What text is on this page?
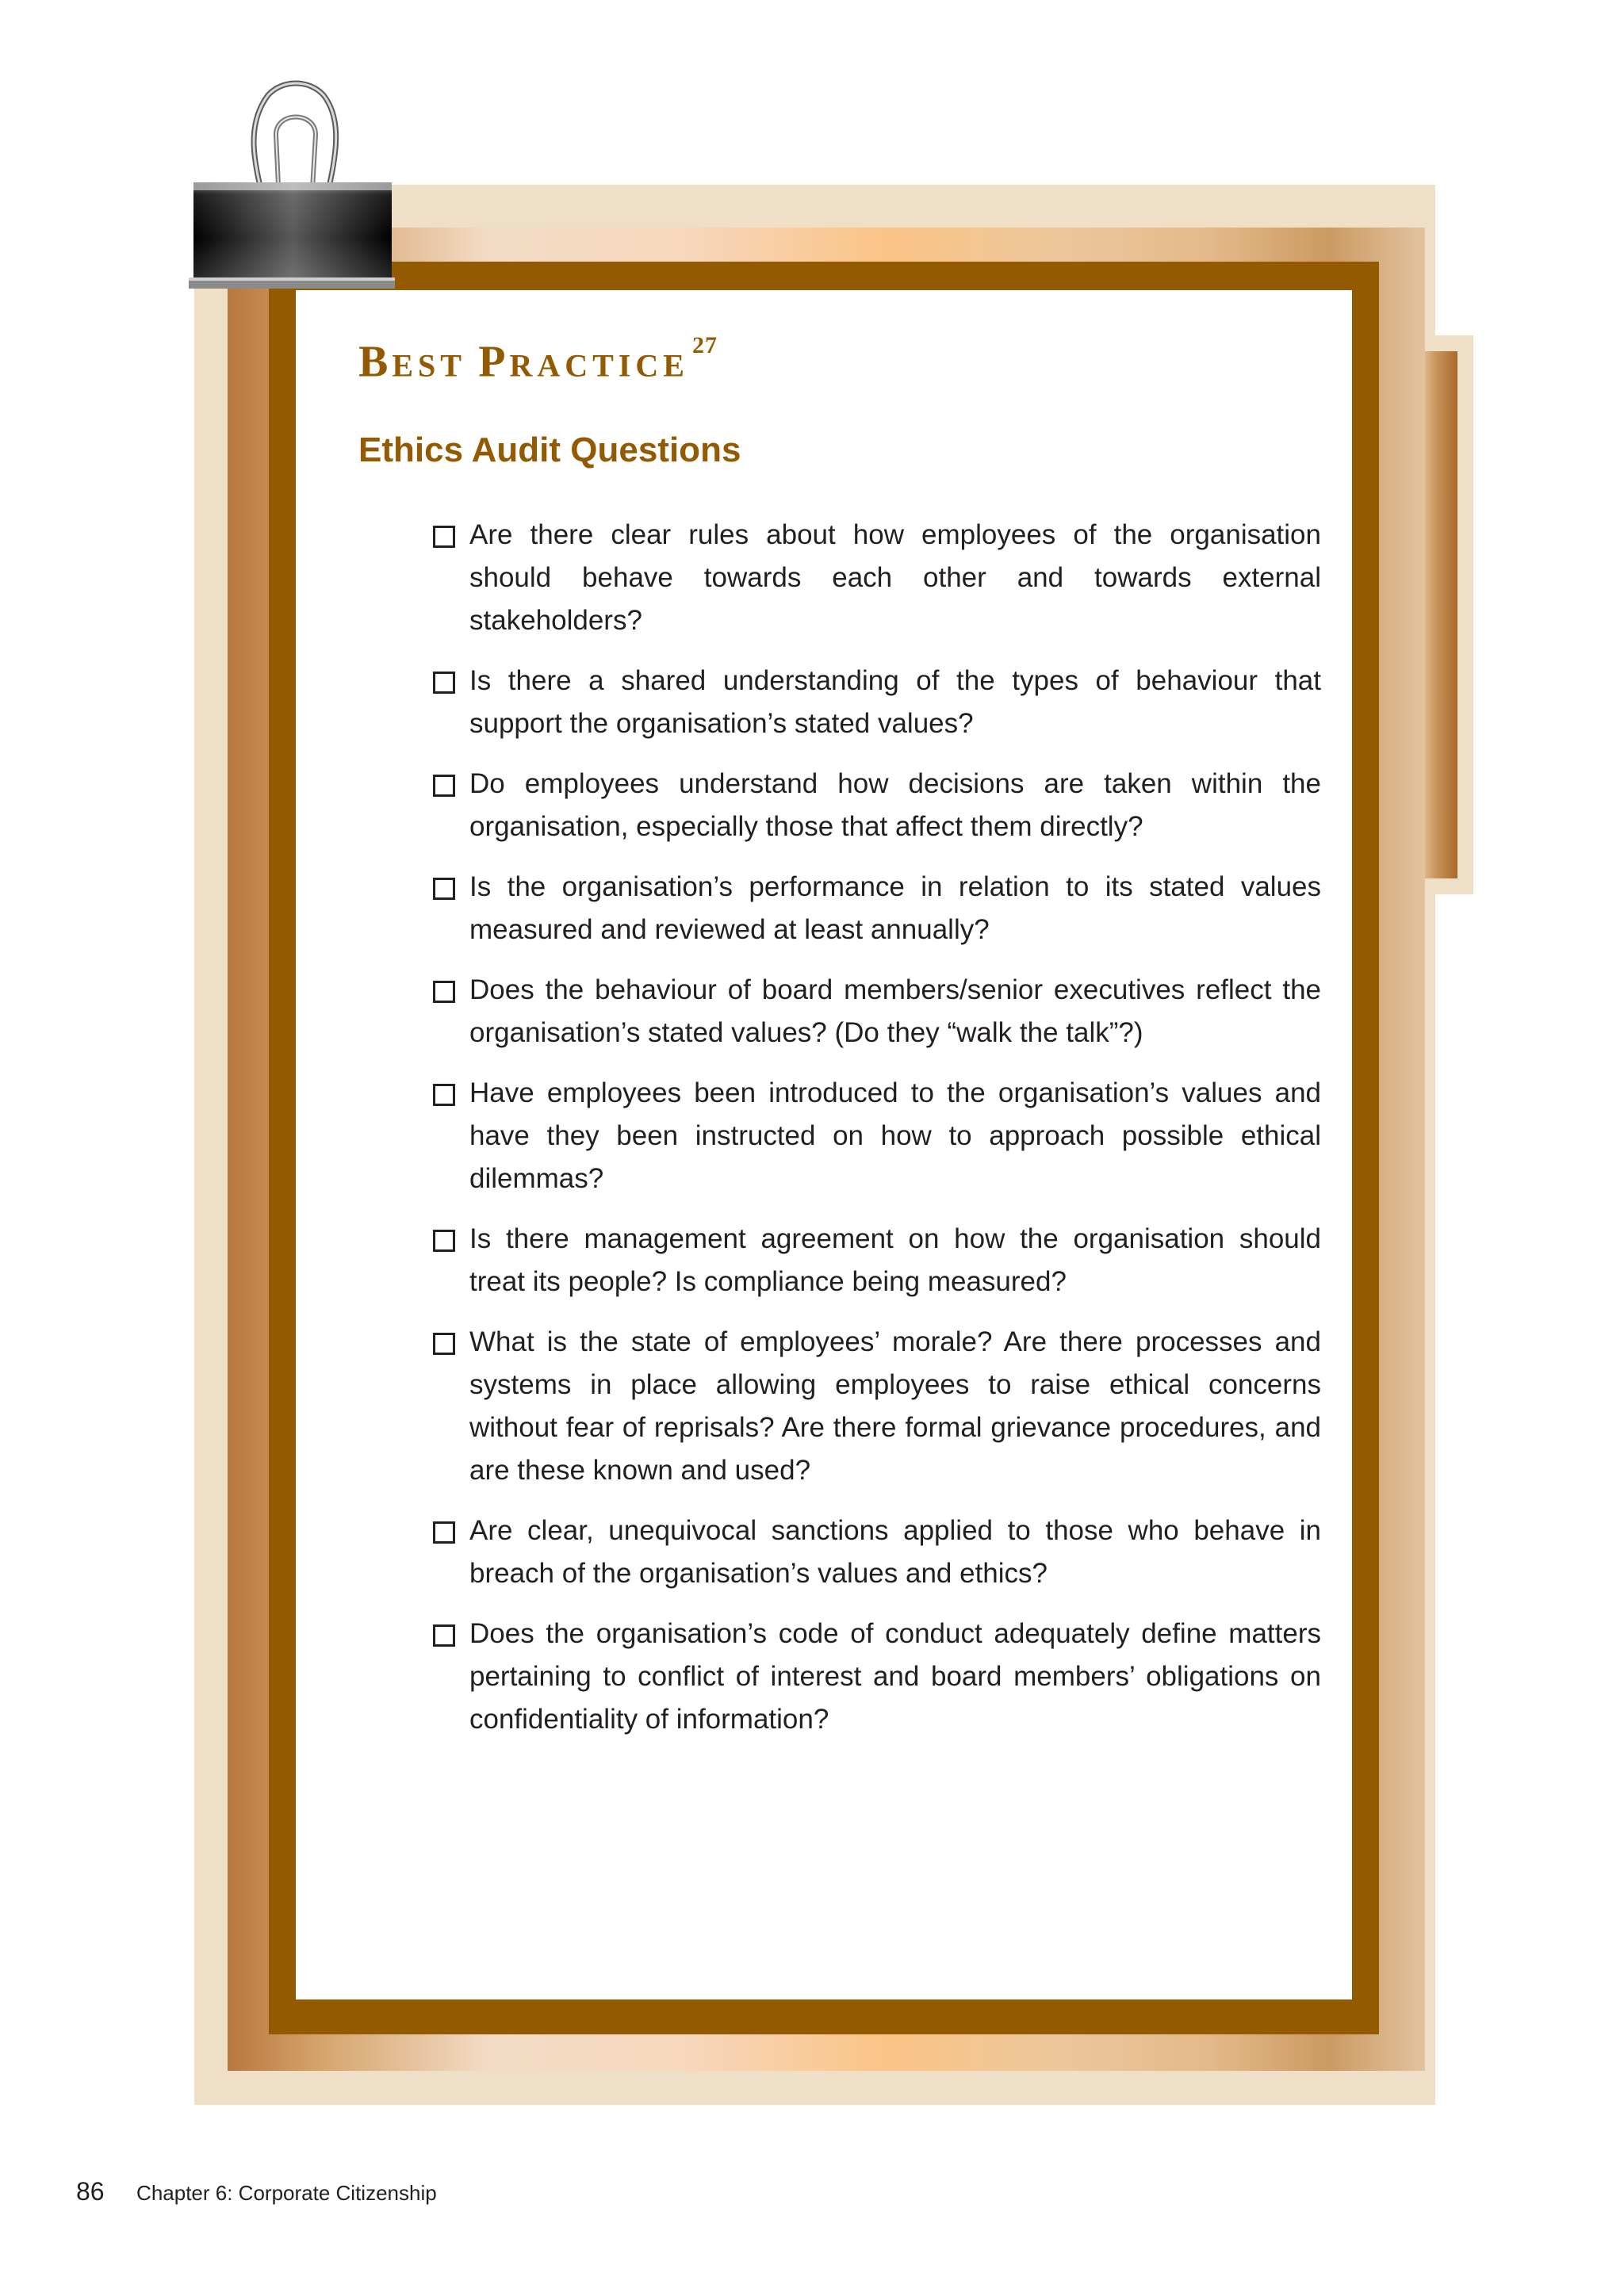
BEST PRACTICE$^{27}$
Ethics Audit Questions
Are there clear rules about how employees of the organisation should behave towards each other and towards external stakeholders?
Is there a shared understanding of the types of behaviour that support the organisation’s stated values?
Do employees understand how decisions are taken within the organisation, especially those that affect them directly?
Is the organisation’s performance in relation to its stated values measured and reviewed at least annually?
Does the behaviour of board members/senior executives reflect the organisation’s stated values? (Do they “walk the talk”?)
Have employees been introduced to the organisation’s values and have they been instructed on how to approach possible ethical dilemmas?
Is there management agreement on how the organisation should treat its people? Is compliance being measured?
What is the state of employees’ morale? Are there processes and systems in place allowing employees to raise ethical concerns without fear of reprisals? Are there formal grievance procedures, and are these known and used?
Are clear, unequivocal sanctions applied to those who behave in breach of the organisation’s values and ethics?
Does the organisation’s code of conduct adequately define matters pertaining to conflict of interest and board members’ obligations on confidentiality of information?
86 Chapter 6: Corporate Citizenship
